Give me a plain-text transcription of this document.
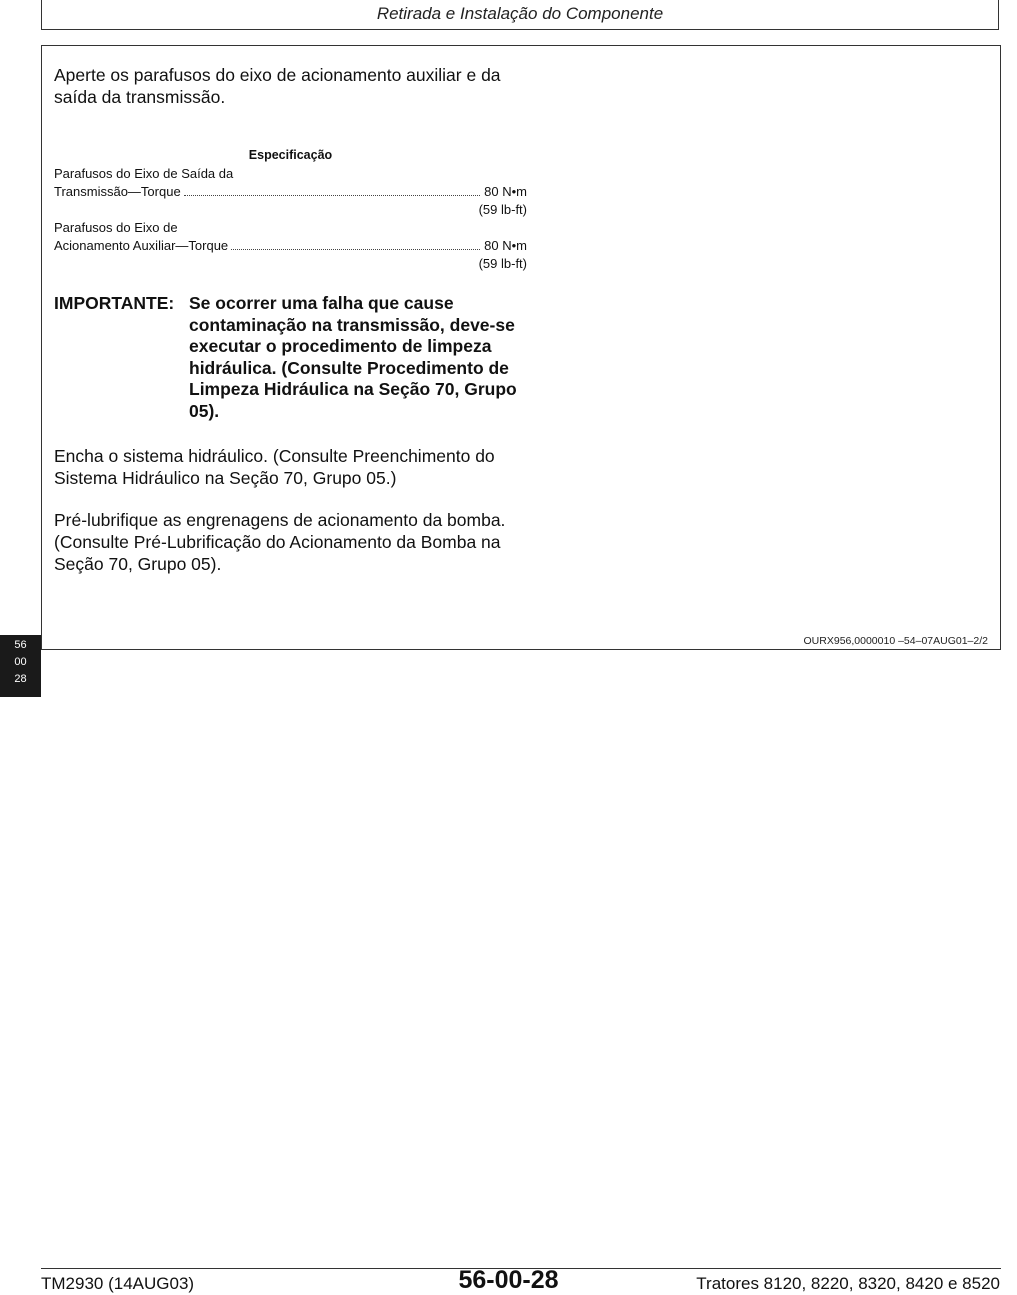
Retirada e Instalação do Componente

Aperte os parafusos do eixo de acionamento auxiliar e da saída da transmissão.

Especificação
Parafusos do Eixo de Saída da
Transmissão—Torque	80 N•m
(59 lb-ft)
Parafusos do Eixo de
Acionamento Auxiliar—Torque	80 N•m
(59 lb-ft)
IMPORTANTE: Se ocorrer uma falha que cause contaminação na transmissão, deve-se executar o procedimento de limpeza hidráulica. (Consulte Procedimento de Limpeza Hidráulica na Seção 70, Grupo 05).

Encha o sistema hidráulico. (Consulte Preenchimento do Sistema Hidráulico na Seção 70, Grupo 05.)

Pré-lubrifique as engrenagens de acionamento da bomba. (Consulte Pré-Lubrificação do Acionamento da Bomba na Seção 70, Grupo 05).

OURX956,0000010 –54–07AUG01–2/2
56
00
28
TM2930 (14AUG03)	56-00-28	Tratores 8120, 8220, 8320, 8420 e 8520
